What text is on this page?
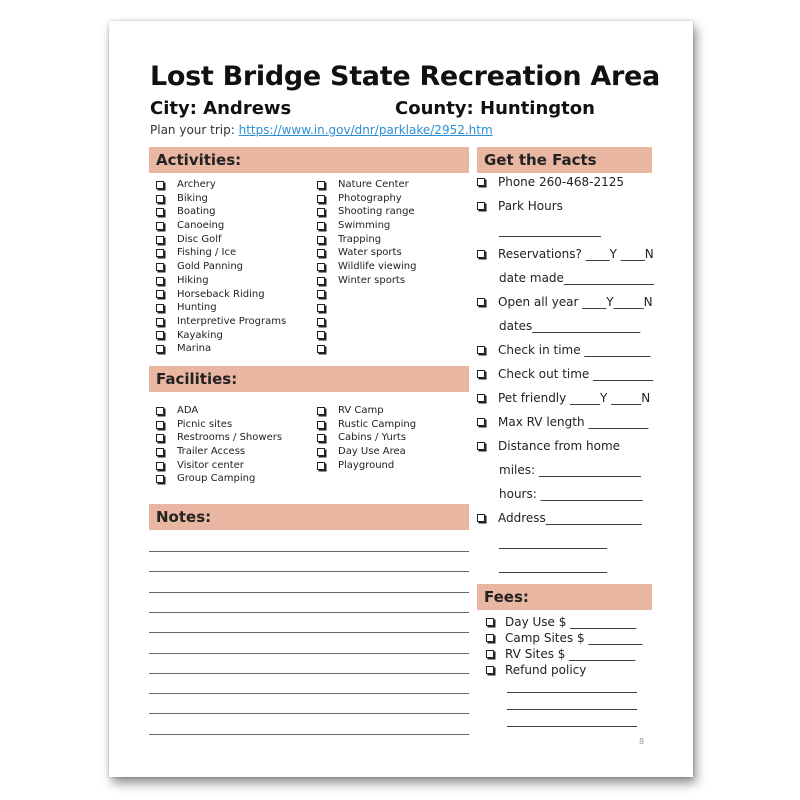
Lost Bridge State Recreation Area
City: Andrews	County: Huntington
Plan your trip: https://www.in.gov/dnr/parklake/2952.htm
Activities:
Archery
Biking
Boating
Canoeing
Disc Golf
Fishing / Ice
Gold Panning
Hiking
Horseback Riding
Hunting
Interpretive Programs
Kayaking
Marina
Nature Center
Photography
Shooting range
Swimming
Trapping
Water sports
Wildlife viewing
Winter sports
Facilities:
ADA
Picnic sites
Restrooms / Showers
Trailer Access
Visitor center
Group Camping
RV Camp
Rustic Camping
Cabins / Yurts
Day Use Area
Playground
Notes:
Get the Facts
Phone 260-468-2125
Park Hours
_________________
Reservations? ____Y ____N
date made_______________
Open all year ____Y_____N
dates__________________
Check in time ___________
Check out time __________
Pet friendly _____Y _____N
Max RV length __________
Distance from home
miles: _________________
hours: _________________
Address________________
__________________
__________________
Fees:
Day Use $ ___________
Camp Sites $ _________
RV Sites $ ___________
Refund policy
8
